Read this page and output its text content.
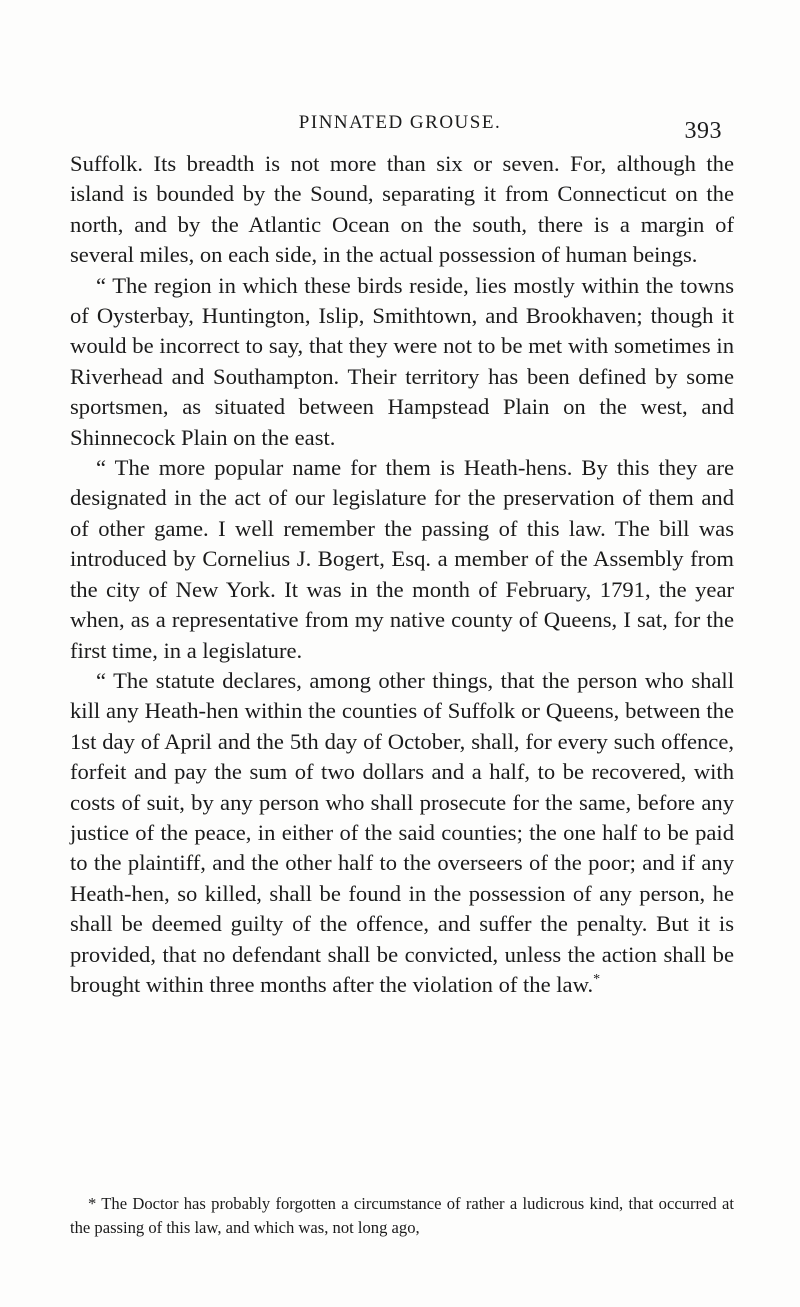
PINNATED GROUSE.	393

Suffolk. Its breadth is not more than six or seven. For, although the island is bounded by the Sound, separating it from Connecticut on the north, and by the Atlantic Ocean on the south, there is a margin of several miles, on each side, in the actual possession of human beings.

“ The region in which these birds reside, lies mostly within the towns of Oysterbay, Huntington, Islip, Smithtown, and Brookhaven; though it would be incorrect to say, that they were not to be met with sometimes in Riverhead and Southampton. Their territory has been defined by some sportsmen, as situated between Hampstead Plain on the west, and Shinnecock Plain on the east.

“ The more popular name for them is Heath-hens. By this they are designated in the act of our legislature for the preservation of them and of other game. I well remember the passing of this law. The bill was introduced by Cornelius J. Bogert, Esq. a member of the Assembly from the city of New York. It was in the month of February, 1791, the year when, as a representative from my native county of Queens, I sat, for the first time, in a legislature.

“ The statute declares, among other things, that the person who shall kill any Heath-hen within the counties of Suffolk or Queens, between the 1st day of April and the 5th day of October, shall, for every such offence, forfeit and pay the sum of two dollars and a half, to be recovered, with costs of suit, by any person who shall prosecute for the same, before any justice of the peace, in either of the said counties; the one half to be paid to the plaintiff, and the other half to the overseers of the poor; and if any Heath-hen, so killed, shall be found in the possession of any person, he shall be deemed guilty of the offence, and suffer the penalty. But it is provided, that no defendant shall be convicted, unless the action shall be brought within three months after the violation of the law.*

* The Doctor has probably forgotten a circumstance of rather a ludicrous kind, that occurred at the passing of this law, and which was, not long ago,
